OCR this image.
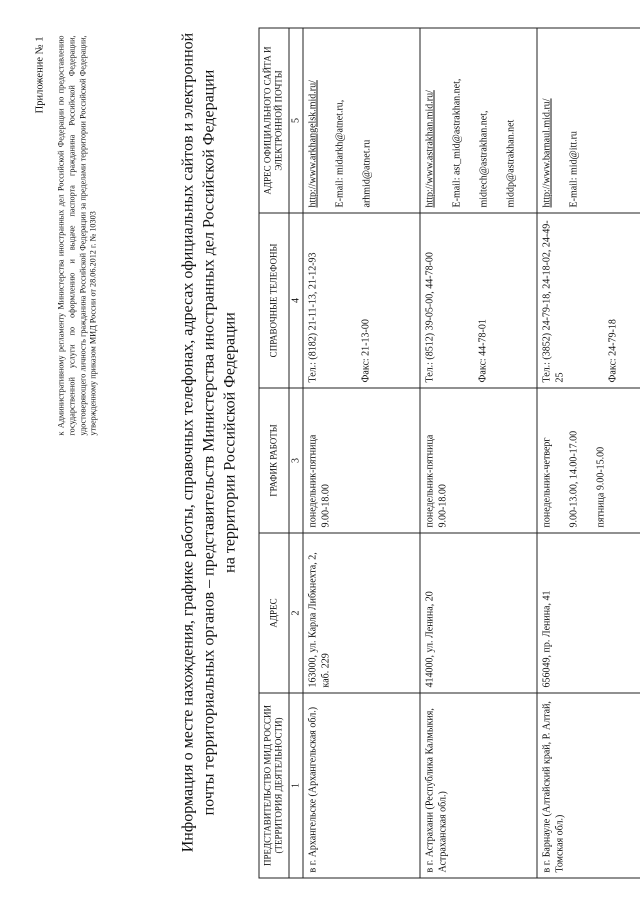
Приложение № 1 к Административному регламенту Министерства иностранных дел Российской Федерации по предоставлению государственной услуги по оформлению и выдаче паспорта гражданина Российской Федерации, удостоверяющего личность гражданина Российской Федерации за пределами территории Российской Федерации, утвержденному приказом МИД России от 28.06.2012 г. № 10303	Информация о месте нахождения, графике работы, справочных телефонах, адресах официальных сайтов и электронной почты территориальных органов – представительств Министерства иностранных дел Российской Федерации на территории Российской Федерации
ПРЕДСТАВИТЕЛЬСТВО МИД РОССИИ (ТЕРРИТОРИЯ ДЕЯТЕЛЬНОСТИ)	АДРЕС	ГРАФИК РАБОТЫ	СПРАВОЧНЫЕ ТЕЛЕФОНЫ	АДРЕС ОФИЦИАЛЬНОГО САЙТА И ЭЛЕКТРОННОЙ ПОЧТЫ
1	2	3	4	5
в г. Архангельске (Архангельская обл.)	163000, ул. Карла Либкнехта, 2, каб. 229	понедельник-пятница 9.00-18.00	Тел.: (8182) 21-11-13, 21-12-93 Факс: 21-13-00	http://www.arkhangelsk.mid.ru/ E-mail: midarkh@atnet.ru, arhmid@atnet.ru

в г. Астрахани (Республика Калмыкия, Астраханская обл.)	414000, ул. Ленина, 20	понедельник-пятница 9.00-18.00	Тел.: (8512) 39-05-00, 44-78-00 Факс: 44-78-01	http://www.astrakhan.mid.ru/ E-mail: ast_mid@astrakhan.net, midtech@astrakhan.net, middp@astrakhan.net

в г. Барнауле (Алтайский край, Р. Алтай, Томская обл.)	656049, пр. Ленина, 41	понедельник-четверг 9.00-13.00, 14.00-17.00 пятница 9.00-15.00	Тел.: (3852) 24-79-18, 24-18-02, 24-49-25 Факс: 24-79-18	http://www.barnaul.mid.ru/ E-mail: mid@itt.ru
